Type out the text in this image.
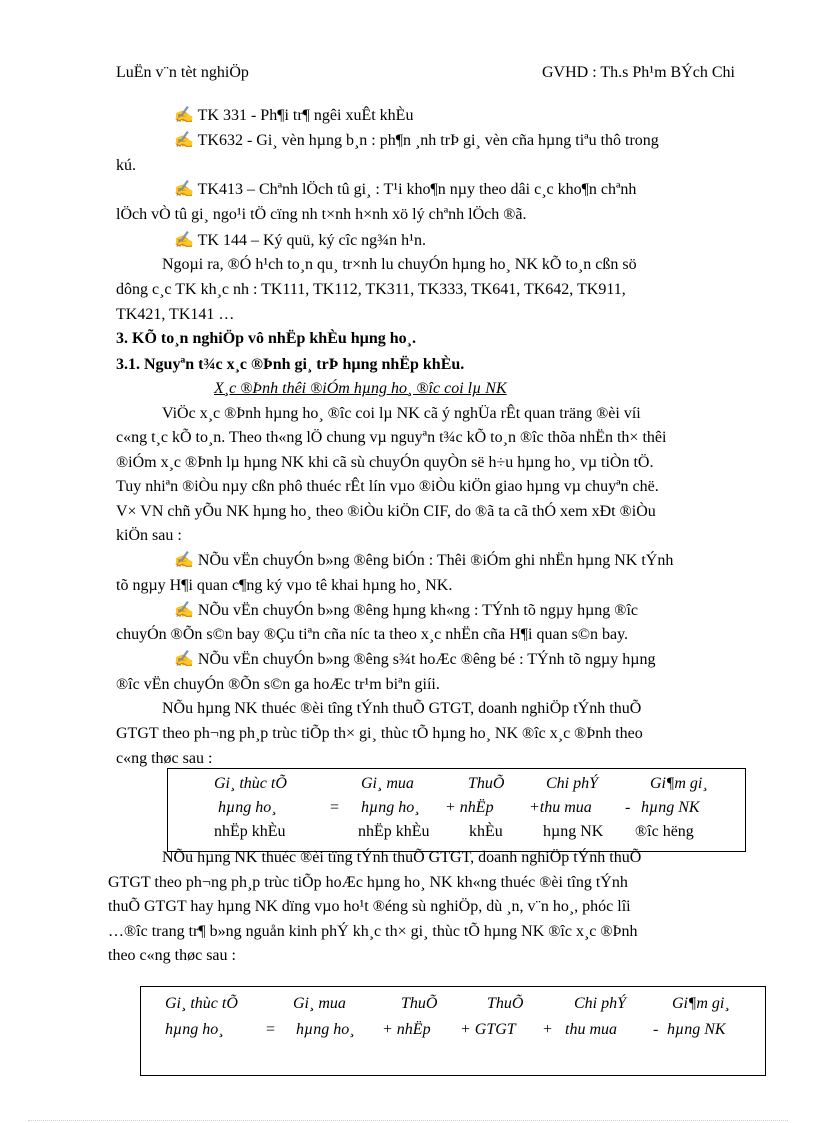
LuËn v¨n tèt nghiÖp	GVHD : Th.s Ph¹m BÝch Chi
✍ TK 331 - Ph¶i tr¶ ngêi xuÊt khÈu
✍ TK632 - Gi¸ vèn hµng b¸n : ph¶n ¸nh trÞ gi¸ vèn cña hµng tiªu thô trong
kú.
✍ TK413 – Chªnh lÖch tû gi¸ : T¹i kho¶n nµy theo dâi c¸c kho¶n chªnh
lÖch vÒ tû gi¸ ngo¹i tÖ cïng nh t×nh h×nh xö lý chªnh lÖch ®ã.
✍ TK 144 – Ký quü, ký cîc ng¾n h¹n.
Ngoµi ra, ®Ó h¹ch to¸n qu¸ tr×nh lu chuyÓn hµng ho¸ NK kÕ to¸n cßn sö
dông c¸c TK kh¸c nh : TK111, TK112, TK311, TK333, TK641, TK642, TK911,
TK421, TK141 …
3. KÕ to¸n nghiÖp vô nhËp khÈu hµng ho¸.
3.1. Nguyªn t¾c x¸c ®Þnh gi¸ trÞ hµng nhËp khÈu.
X¸c ®Þnh thêi ®iÓm hµng ho¸ ®îc coi lµ NK
ViÖc x¸c ®Þnh hµng ho¸ ®îc coi lµ NK cã ý nghÜa rÊt quan träng ®èi víi
c«ng t¸c kÕ to¸n. Theo th«ng lÖ chung vµ nguyªn t¾c kÕ to¸n ®îc thõa nhËn th× thêi
®iÓm x¸c ®Þnh lµ hµng NK khi cã sù chuyÓn quyÒn së h÷u hµng ho¸ vµ tiÒn tÖ.
Tuy nhiªn ®iÒu nµy cßn phô thuéc rÊt lín vµo ®iÒu kiÖn giao hµng vµ chuyªn chë.
V× VN chñ yÕu NK hµng ho¸ theo ®iÒu kiÖn CIF, do ®ã ta cã thÓ xem xÐt ®iÒu
kiÖn sau :
✍ NÕu vËn chuyÓn b»ng ®êng biÓn : Thêi ®iÓm ghi nhËn hµng NK tÝnh
tõ ngµy H¶i quan c¶ng ký vµo tê khai hµng ho¸ NK.
✍ NÕu vËn chuyÓn b»ng ®êng hµng kh«ng : TÝnh tõ ngµy hµng ®îc
chuyÓn ®Õn s©n bay ®Çu tiªn cña níc ta theo x¸c nhËn cña H¶i quan s©n bay.
✍ NÕu vËn chuyÓn b»ng ®êng s¾t hoÆc ®êng bé : TÝnh tõ ngµy hµng
®îc vËn chuyÓn ®Õn s©n ga hoÆc tr¹m biªn giíi.
NÕu hµng NK thuéc ®èi tîng tÝnh thuÕ GTGT, doanh nghiÖp tÝnh thuÕ
GTGT theo ph¬ng ph¸p trùc tiÕp th× gi¸ thùc tÕ hµng ho¸ NK ®îc x¸c ®Þnh theo
c«ng thøc sau :
Gi¸ thùc tÕ	Gi¸ mua	ThuÕ	Chi phÝ	Gi¶m gi¸
hµng ho¸	= hµng ho¸ + nhËp +thu mua - hµng NK
nhËp khÈu	nhËp khÈu khÈu	hµng NK ®îc hëng
NÕu hµng NK thuéc ®èi tîng tÝnh thuÕ GTGT, doanh nghiÖp tÝnh thuÕ
GTGT theo ph¬ng ph¸p trùc tiÕp hoÆc hµng ho¸ NK kh«ng thuéc ®èi tîng tÝnh
thuÕ GTGT hay hµng NK dïng vµo ho¹t ®éng sù nghiÖp, dù ¸n, v¨n ho¸, phóc lîi
…®îc trang tr¶ b»ng nguån kinh phÝ kh¸c th× gi¸ thùc tÕ hµng NK ®îc x¸c ®Þnh
theo c«ng thøc sau :
Gi¸ thùc tÕ	Gi¸ mua	ThuÕ	ThuÕ	Chi phÝ	Gi¶m gi¸
hµng ho¸	= hµng ho¸ + nhËp + GTGT + thu mua - hµng NK
